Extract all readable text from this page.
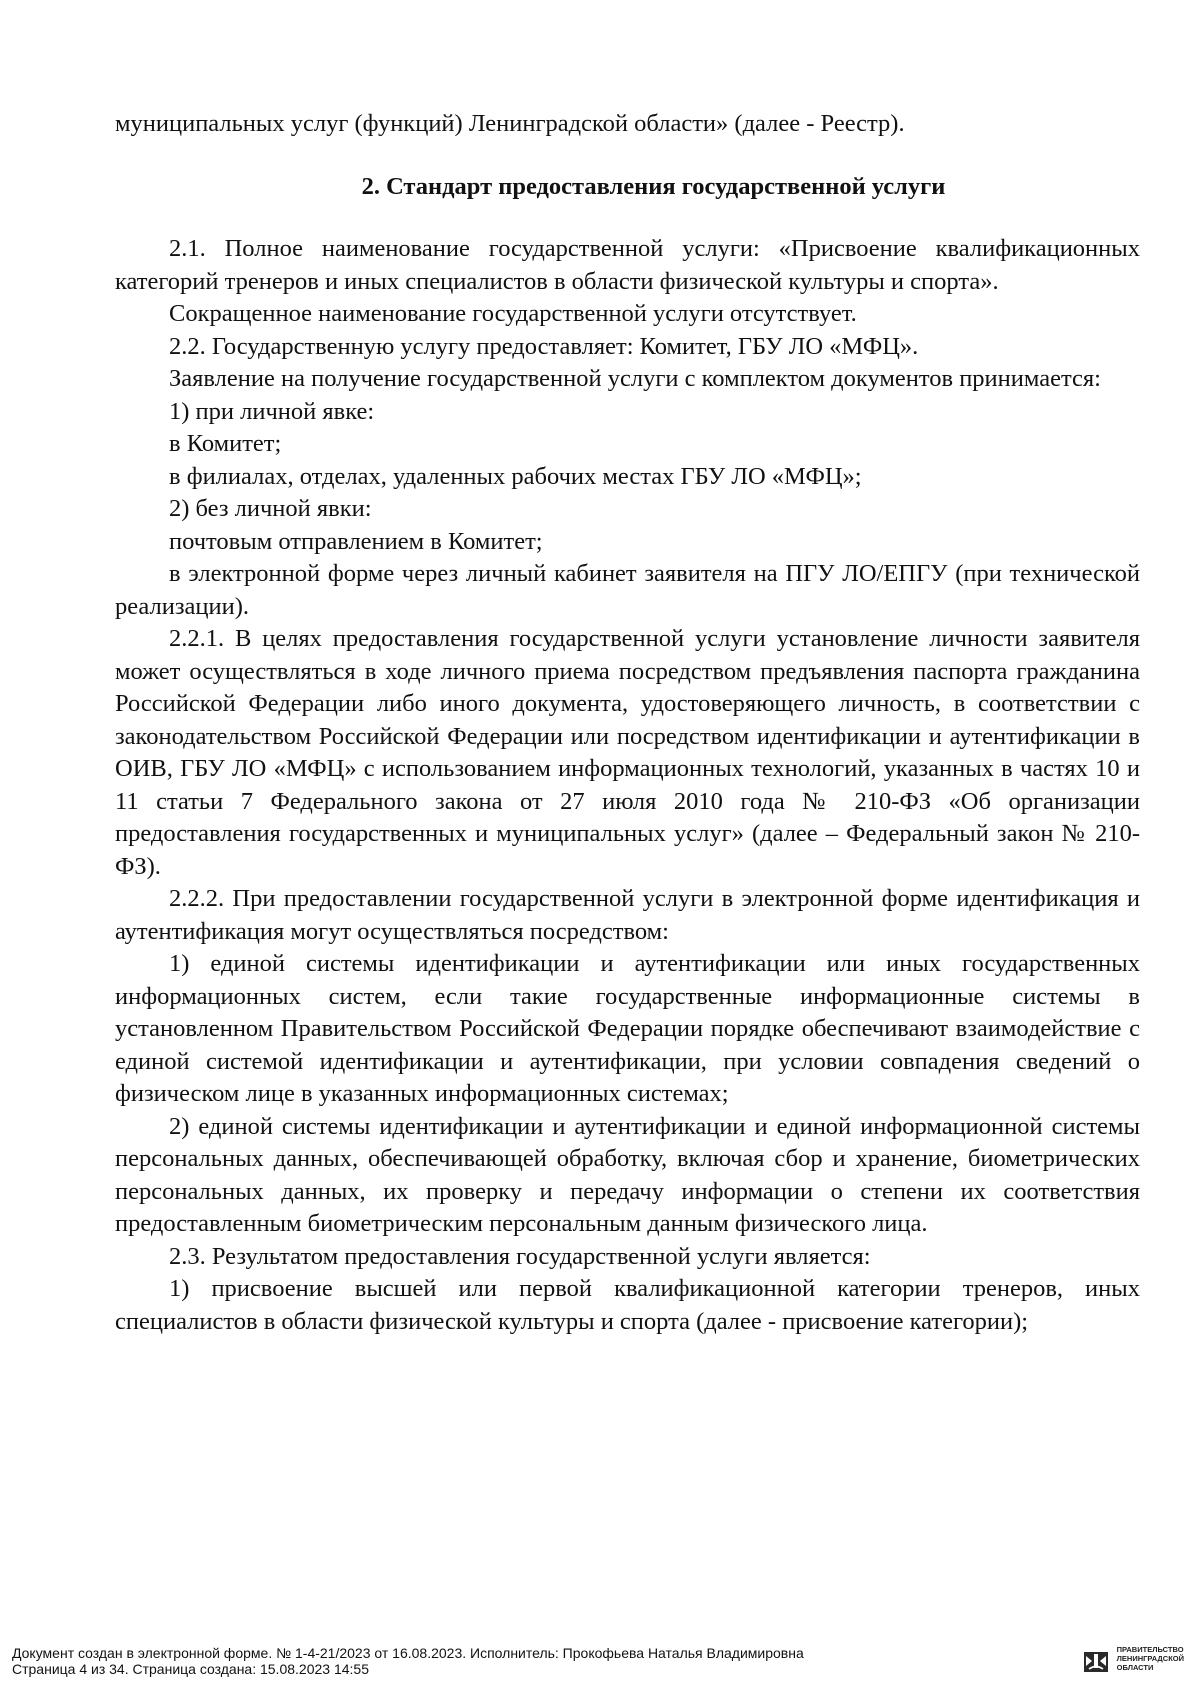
муниципальных услуг (функций) Ленинградской области» (далее - Реестр).

2. Стандарт предоставления государственной услуги

2.1. Полное наименование государственной услуги: «Присвоение квалификационных категорий тренеров и иных специалистов в области физической культуры и спорта».

Сокращенное наименование государственной услуги отсутствует.

2.2. Государственную услугу предоставляет: Комитет, ГБУ ЛО «МФЦ».

Заявление на получение государственной услуги с комплектом документов принимается:

1) при личной явке:

в Комитет;

в филиалах, отделах, удаленных рабочих местах ГБУ ЛО «МФЦ»;

2) без личной явки:

почтовым отправлением в Комитет;

в электронной форме через личный кабинет заявителя на ПГУ ЛО/ЕПГУ (при технической реализации).

2.2.1. В целях предоставления государственной услуги установление личности заявителя может осуществляться в ходе личного приема посредством предъявления паспорта гражданина Российской Федерации либо иного документа, удостоверяющего личность, в соответствии с законодательством Российской Федерации или посредством идентификации и аутентификации в ОИВ, ГБУ ЛО «МФЦ» с использованием информационных технологий, указанных в частях 10 и 11 статьи 7 Федерального закона от 27 июля 2010 года № 210-ФЗ «Об организации предоставления государственных и муниципальных услуг» (далее – Федеральный закон № 210-ФЗ).

2.2.2. При предоставлении государственной услуги в электронной форме идентификация и аутентификация могут осуществляться посредством:

1) единой системы идентификации и аутентификации или иных государственных информационных систем, если такие государственные информационные системы в установленном Правительством Российской Федерации порядке обеспечивают взаимодействие с единой системой идентификации и аутентификации, при условии совпадения сведений о физическом лице в указанных информационных системах;

2) единой системы идентификации и аутентификации и единой информационной системы персональных данных, обеспечивающей обработку, включая сбор и хранение, биометрических персональных данных, их проверку и передачу информации о степени их соответствия предоставленным биометрическим персональным данным физического лица.

2.3. Результатом предоставления государственной услуги является:

1) присвоение высшей или первой квалификационной категории тренеров, иных специалистов в области физической культуры и спорта (далее - присвоение категории);

Документ создан в электронной форме. № 1-4-21/2023 от 16.08.2023. Исполнитель: Прокофьева Наталья Владимировна
Страница 4 из 34. Страница создана: 15.08.2023 14:55
ПРАВИТЕЛЬСТВО
ЛЕНИНГРАДСКОЙ
ОБЛАСТИ
